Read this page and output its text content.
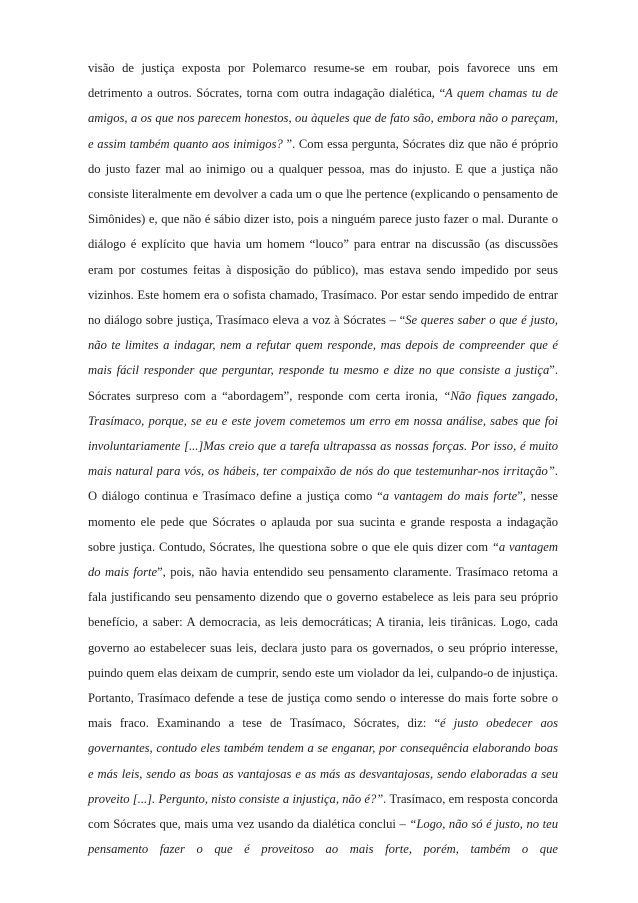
visão de justiça exposta por Polemarco resume-se em roubar, pois favorece uns em detrimento a outros. Sócrates, torna com outra indagação dialética, “A quem chamas tu de amigos, a os que nos parecem honestos, ou àqueles que de fato são, embora não o pareçam, e assim também quanto aos inimigos? ”. Com essa pergunta, Sócrates diz que não é próprio do justo fazer mal ao inimigo ou a qualquer pessoa, mas do injusto. E que a justiça não consiste literalmente em devolver a cada um o que lhe pertence (explicando o pensamento de Simônides) e, que não é sábio dizer isto, pois a ninguém parece justo fazer o mal. Durante o diálogo é explícito que havia um homem “louco” para entrar na discussão (as discussões eram por costumes feitas à disposição do público), mas estava sendo impedido por seus vizinhos. Este homem era o sofista chamado, Trasímaco. Por estar sendo impedido de entrar no diálogo sobre justiça, Trasímaco eleva a voz à Sócrates – “Se queres saber o que é justo, não te limites a indagar, nem a refutar quem responde, mas depois de compreender que é mais fácil responder que perguntar, responde tu mesmo e dize no que consiste a justiça”. Sócrates surpreso com a “abordagem”, responde com certa ironia, “Não fiques zangado, Trasímaco, porque, se eu e este jovem cometemos um erro em nossa análise, sabes que foi involuntariamente [...]Mas creio que a tarefa ultrapassa as nossas forças. Por isso, é muito mais natural para vós, os hábeis, ter compaixão de nós do que testemunhar-nos irritação”. O diálogo continua e Trasímaco define a justiça como “a vantagem do mais forte”, nesse momento ele pede que Sócrates o aplauda por sua sucinta e grande resposta a indagação sobre justiça. Contudo, Sócrates, lhe questiona sobre o que ele quis dizer com “a vantagem do mais forte”, pois, não havia entendido seu pensamento claramente. Trasímaco retoma a fala justificando seu pensamento dizendo que o governo estabelece as leis para seu próprio benefício, a saber: A democracia, as leis democráticas; A tirania, leis tirânicas. Logo, cada governo ao estabelecer suas leis, declara justo para os governados, o seu próprio interesse, puindo quem elas deixam de cumprir, sendo este um violador da lei, culpando-o de injustiça. Portanto, Trasímaco defende a tese de justiça como sendo o interesse do mais forte sobre o mais fraco. Examinando a tese de Trasímaco, Sócrates, diz: “é justo obedecer aos governantes, contudo eles também tendem a se enganar, por consequência elaborando boas e más leis, sendo as boas as vantajosas e as más as desvantajosas, sendo elaboradas a seu proveito [...]. Pergunto, nisto consiste a injustiça, não é?”. Trasímaco, em resposta concorda com Sócrates que, mais uma vez usando da dialética conclui – “Logo, não só é justo, no teu pensamento fazer o que é proveitoso ao mais forte, porém, também o que
